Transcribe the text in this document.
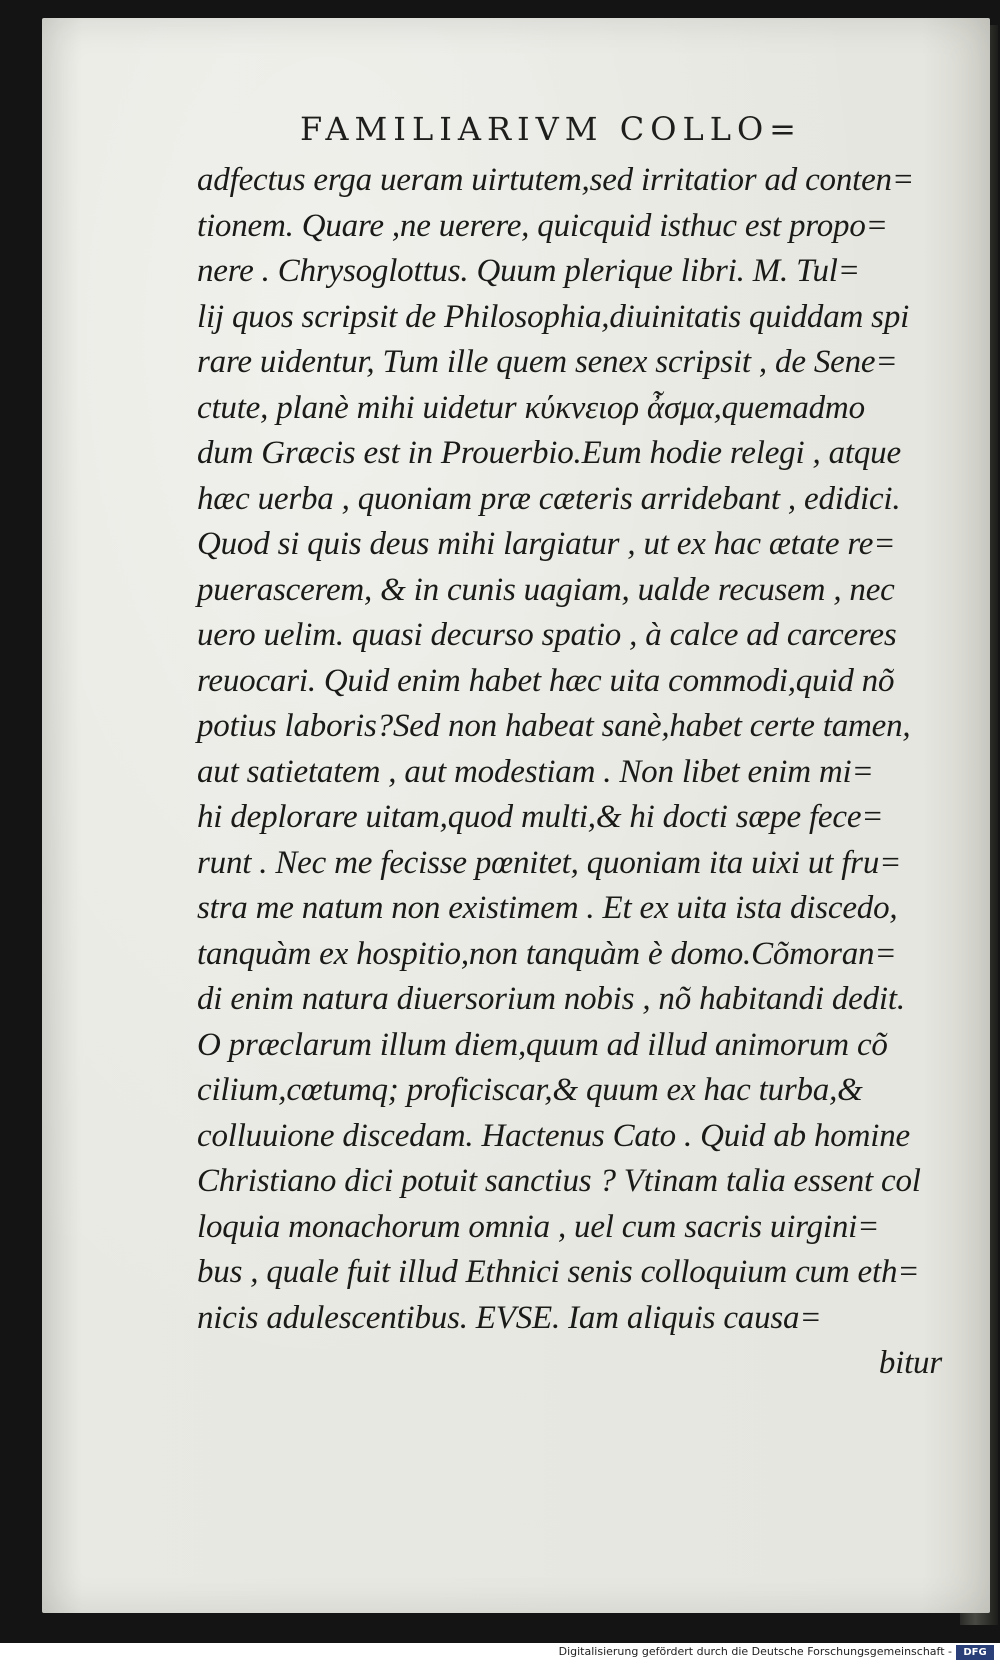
FAMILIARIVM COLLO=
adfectus erga ueram uirtutem,sed irritatior ad conten=
tionem. Quare ,ne uerere, quicquid isthuc est propo=
nere . Chrysoglottus. Quum plerique libri. M. Tul=
lij quos scripsit de Philosophia,diuinitatis quiddam spi
rare uidentur, Tum ille quem senex scripsit , de Sene=
ctute, planè mihi uidetur κύκνειορ ἆσμα,quemadmo
dum Græcis est in Prouerbio.Eum hodie relegi , atque
hæc uerba , quoniam præ cæteris arridebant , edidici.
Quod si quis deus mihi largiatur , ut ex hac ætate re=
puerascerem, & in cunis uagiam, ualde recusem , nec
uero uelim. quasi decurso spatio , à calce ad carceres
reuocari. Quid enim habet hæc uita commodi,quid nõ
potius laboris?Sed non habeat sanè,habet certe tamen,
aut satietatem , aut modestiam . Non libet enim mi=
hi deplorare uitam,quod multi,& hi docti sæpe fece=
runt . Nec me fecisse pœnitet, quoniam ita uixi ut fru=
stra me natum non existimem . Et ex uita ista discedo,
tanquàm ex hospitio,non tanquàm è domo.Cõmoran=
di enim natura diuersorium nobis , nõ habitandi dedit.
O præclarum illum diem,quum ad illud animorum cõ
cilium,cœtumq; proficiscar,& quum ex hac turba,&
colluuione discedam. Hactenus Cato . Quid ab homine
Christiano dici potuit sanctius ? Vtinam talia essent col
loquia monachorum omnia , uel cum sacris uirgini=
bus , quale fuit illud Ethnici senis colloquium cum eth=
nicis adulescentibus. EVSE. Iam aliquis causa=
bitur
Digitalisierung gefördert durch die Deutsche Forschungsgemeinschaft -	DFG
